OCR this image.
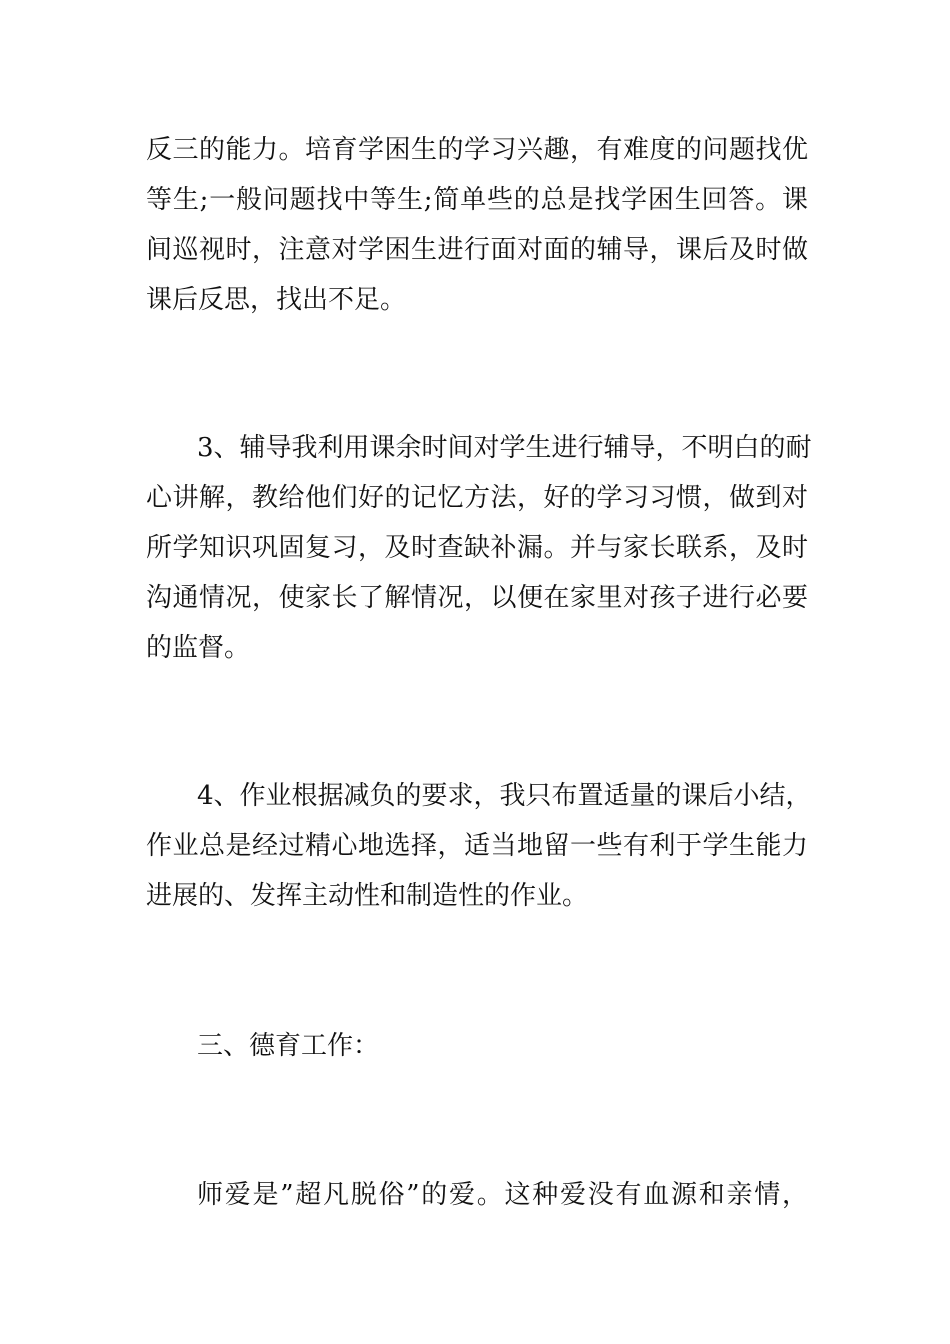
反三的能力。培育学困生的学习兴趣，有难度的问题找优

等生;一般问题找中等生;简单些的总是找学困生回答。课

间巡视时，注意对学困生进行面对面的辅导，课后及时做

课后反思，找出不足。

3、辅导我利用课余时间对学生进行辅导，不明白的耐

心讲解，教给他们好的记忆方法，好的学习习惯，做到对

所学知识巩固复习，及时查缺补漏。并与家长联系，及时

沟通情况，使家长了解情况，以便在家里对孩子进行必要

的监督。

4、作业根据减负的要求，我只布置适量的课后小结，

作业总是经过精心地选择，适当地留一些有利于学生能力

进展的、发挥主动性和制造性的作业。

三、德育工作：

师爱是”超凡脱俗”的爱。这种爱没有血源和亲情，
